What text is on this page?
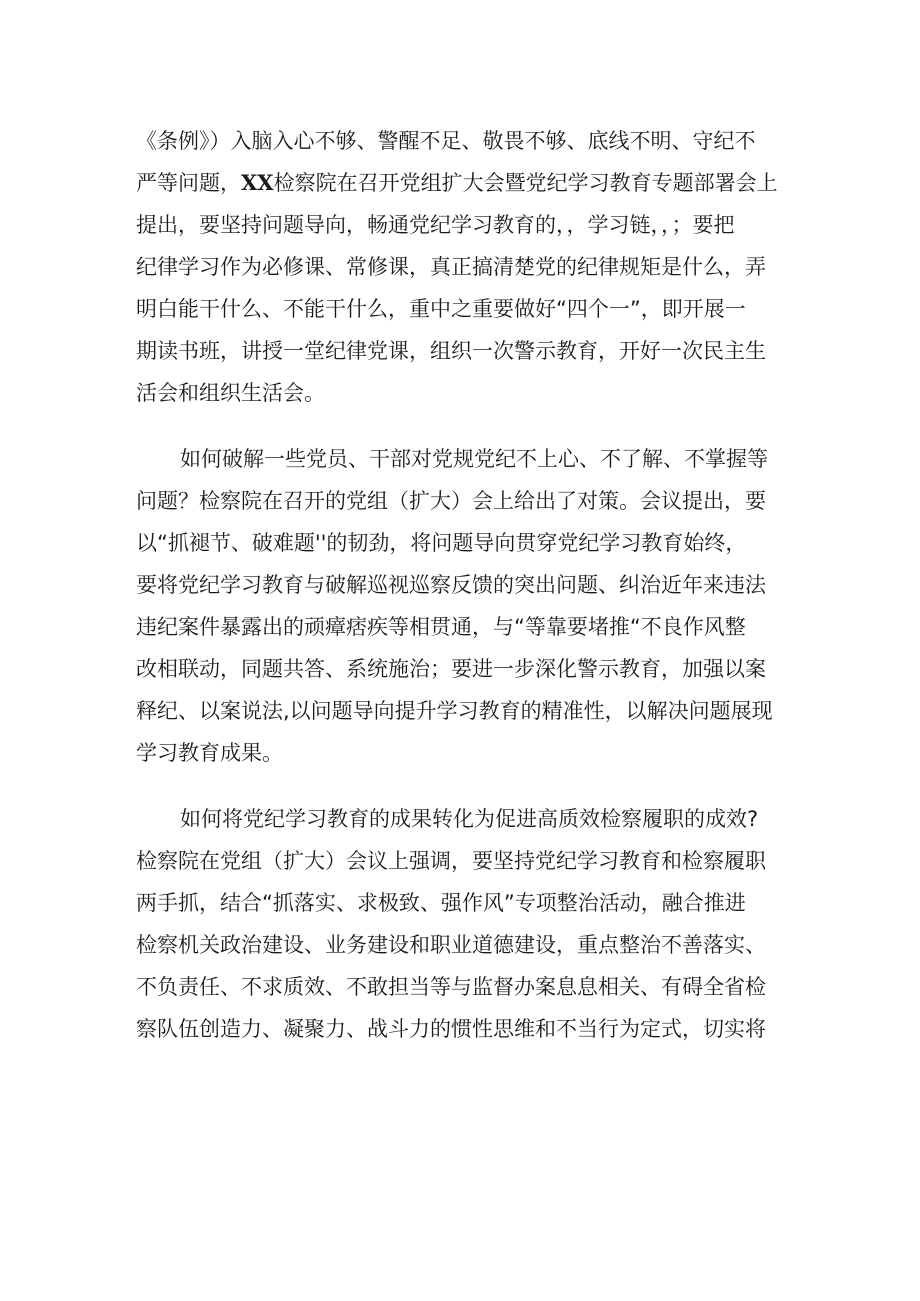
《条例》）入脑入心不够、警醒不足、敬畏不够、底线不明、守纪不
严等问题，XX检察院在召开党组扩大会暨党纪学习教育专题部署会上
提出，要坚持问题导向，畅通党纪学习教育的，，学习链，，；要把
纪律学习作为必修课、常修课，真正搞清楚党的纪律规矩是什么，弄
明白能干什么、不能干什么，重中之重要做好“四个一”，即开展一
期读书班，讲授一堂纪律党课，组织一次警示教育，开好一次民主生
活会和组织生活会。

如何破解一些党员、干部对党规党纪不上心、不了解、不掌握等
问题？检察院在召开的党组（扩大）会上给出了对策。会议提出，要
以“抓褪节、破难题''的韧劲，将问题导向贯穿党纪学习教育始终，
要将党纪学习教育与破解巡视巡察反馈的突出问题、纠治近年来违法
违纪案件暴露出的顽瘴痞疾等相贯通，与“等靠要堵推“不良作风整
改相联动，同题共答、系统施治；要进一步深化警示教育，加强以案
释纪、以案说法,以问题导向提升学习教育的精准性，以解决问题展现
学习教育成果。

如何将党纪学习教育的成果转化为促进高质效检察履职的成效?
检察院在党组（扩大）会议上强调，要坚持党纪学习教育和检察履职
两手抓，结合“抓落实、求极致、强作风”专项整治活动，融合推进
检察机关政治建设、业务建设和职业道德建设，重点整治不善落实、
不负责任、不求质效、不敢担当等与监督办案息息相关、有碍全省检
察队伍创造力、凝聚力、战斗力的惯性思维和不当行为定式，切实将
